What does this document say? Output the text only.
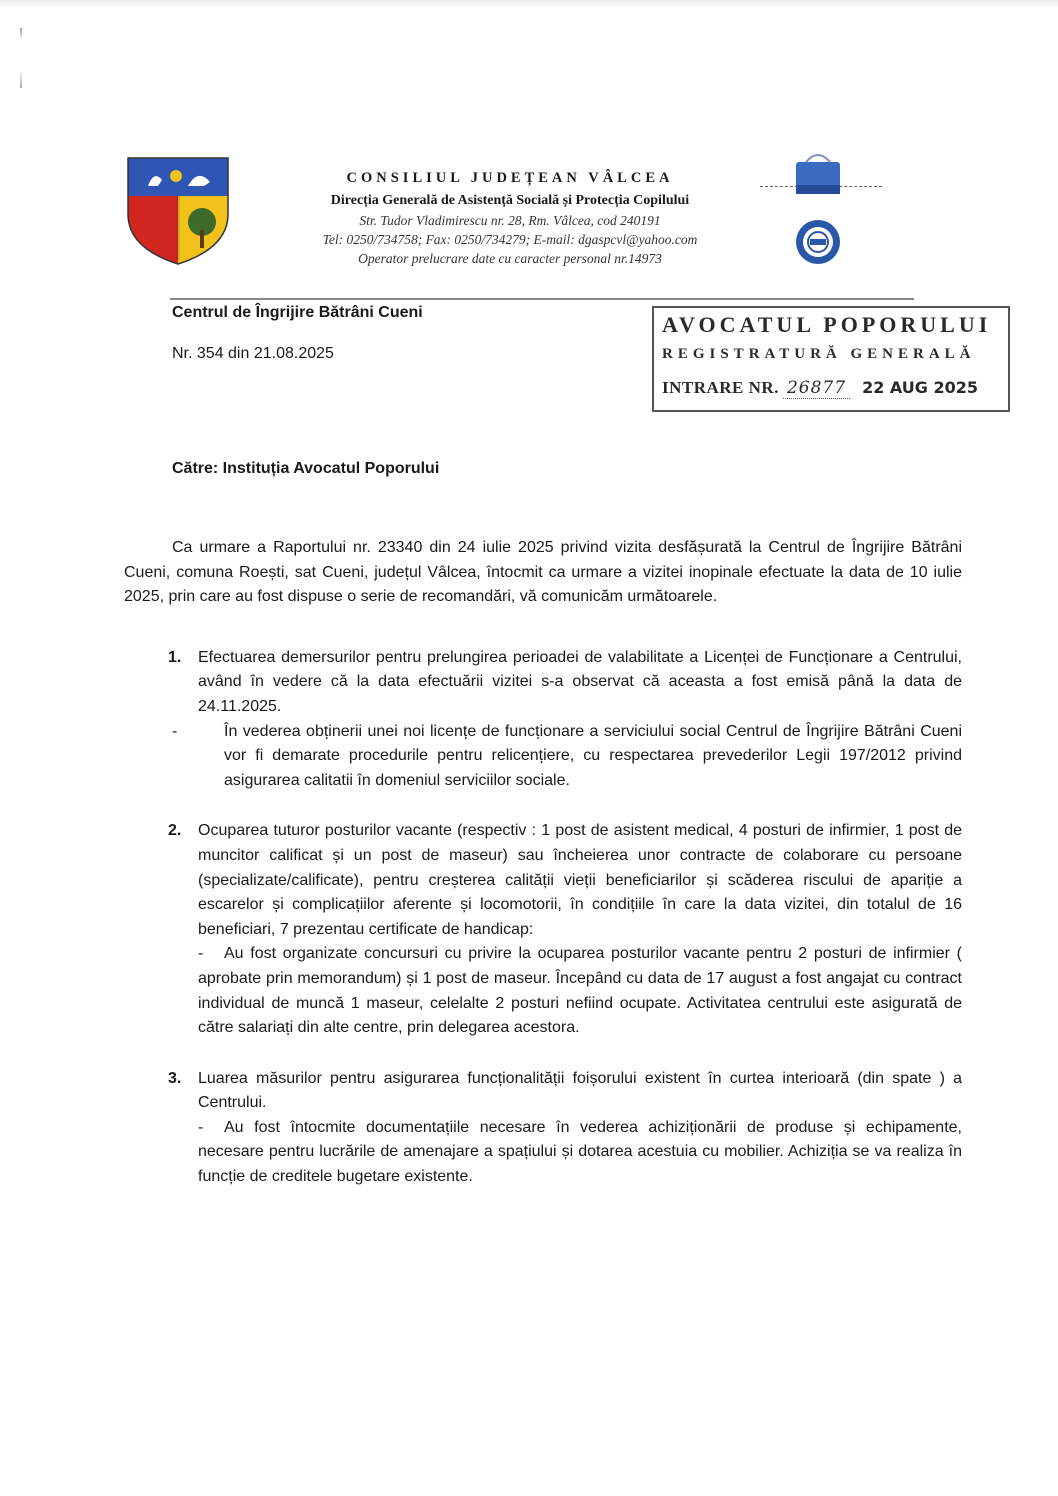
CONSILIUL JUDEȚEAN VÂLCEA
Direcția Generală de Asistență Socială și Protecția Copilului
Str. Tudor Vladimirescu nr. 28, Rm. Vâlcea, cod 240191
Tel: 0250/734758; Fax: 0250/734279; E-mail: dgaspcvl@yahoo.com
Operator prelucrare date cu caracter personal nr.14973
Centrul de Îngrijire Bătrâni Cueni
Nr. 354 din 21.08.2025
AVOCATUL POPORULUI
REGISTRATURĂ GENERALĂ
INTRARE NR. 26877 22 AUG 2025
Către: Instituția Avocatul Poporului

Ca urmare a Raportului nr. 23340 din 24 iulie 2025 privind vizita desfășurată la Centrul de Îngrijire Bătrâni Cueni, comuna Roești, sat Cueni, județul Vâlcea, întocmit ca urmare a vizitei inopinale efectuate la data de 10 iulie 2025, prin care au fost dispuse o serie de recomandări, vă comunicăm următoarele.

1. Efectuarea demersurilor pentru prelungirea perioadei de valabilitate a Licenței de Funcționare a Centrului, având în vedere că la data efectuării vizitei s-a observat că aceasta a fost emisă până la data de 24.11.2025.

-	În vederea obținerii unei noi licențe de funcționare a serviciului social Centrul de Îngrijire Bătrâni Cueni vor fi demarate procedurile pentru relicențiere, cu respectarea prevederilor Legii 197/2012 privind asigurarea calitatii în domeniul serviciilor sociale.

2. Ocuparea tuturor posturilor vacante (respectiv : 1 post de asistent medical, 4 posturi de infirmier, 1 post de muncitor calificat și un post de maseur) sau încheierea unor contracte de colaborare cu persoane (specializate/calificate), pentru creșterea calității vieții beneficiarilor și scăderea riscului de apariție a escarelor și complicațiilor aferente și locomotorii, în condițiile în care la data vizitei, din totalul de 16 beneficiari, 7 prezentau certificate de handicap:

- Au fost organizate concursuri cu privire la ocuparea posturilor vacante pentru 2 posturi de infirmier ( aprobate prin memorandum) și 1 post de maseur. Începând cu data de 17 august a fost angajat cu contract individual de muncă 1 maseur, celelalte 2 posturi nefiind ocupate. Activitatea centrului este asigurată de către salariați din alte centre, prin delegarea acestora.

3. Luarea măsurilor pentru asigurarea funcționalității foișorului existent în curtea interioară (din spate ) a Centrului.

- Au fost întocmite documentațiile necesare în vederea achiziționării de produse și echipamente, necesare pentru lucrările de amenajare a spațiului și dotarea acestuia cu mobilier. Achiziția se va realiza în funcție de creditele bugetare existente.
